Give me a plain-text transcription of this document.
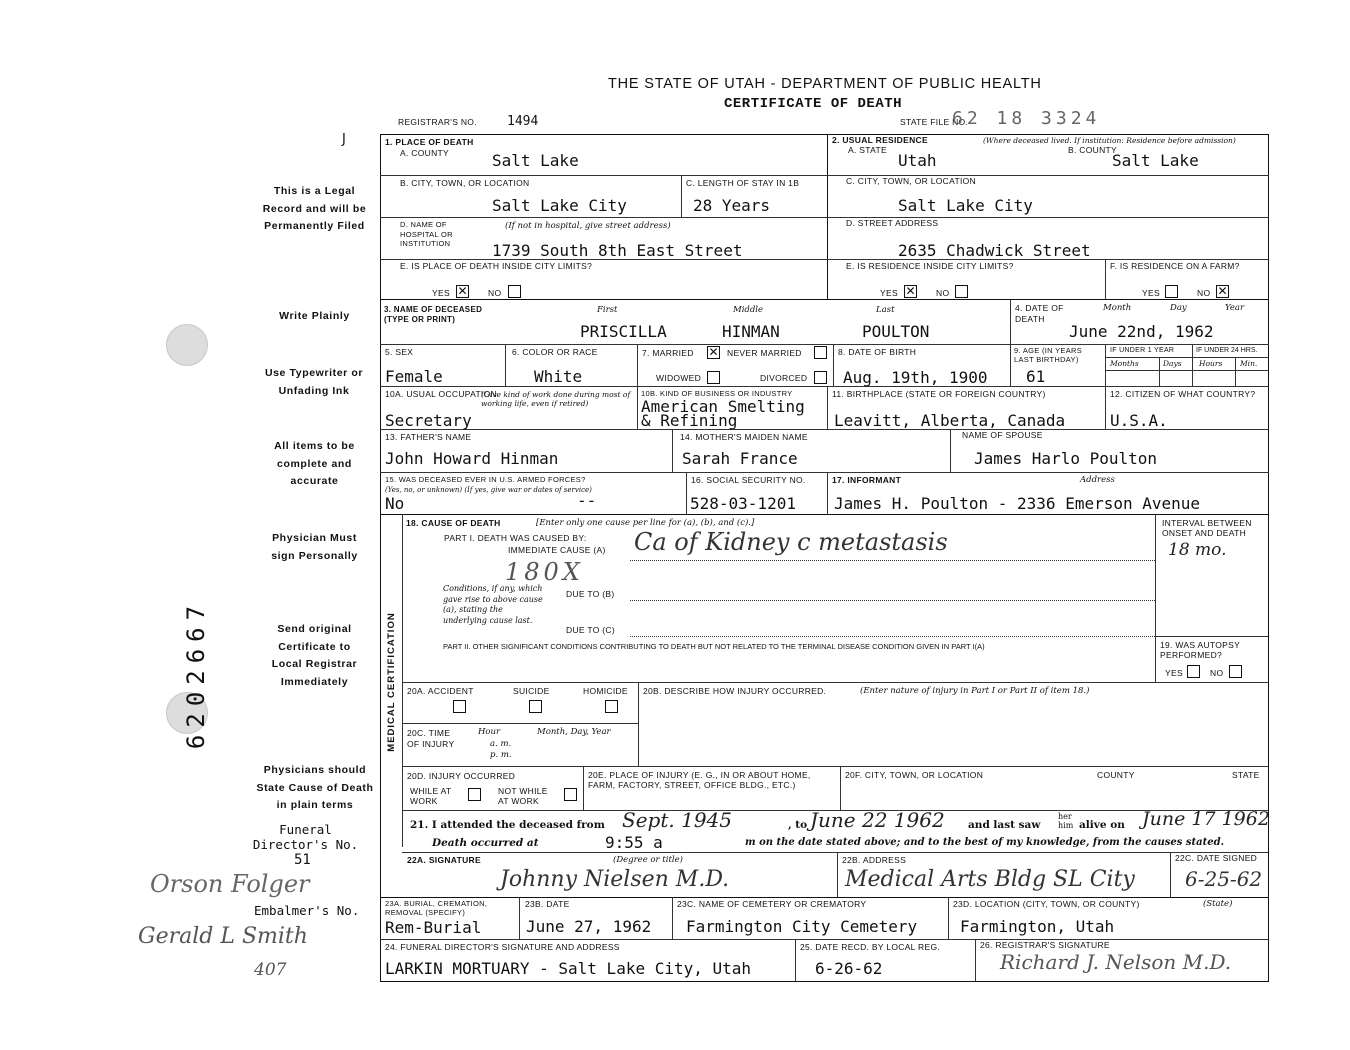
THE STATE OF UTAH - DEPARTMENT OF PUBLIC HEALTH
CERTIFICATE OF DEATH
REGISTRAR'S NO. 1494	STATE FILE NO.
62 18 3324
J
This is a Legal Record and will be Permanently Filed
Write Plainly
Use Typewriter or Unfading Ink
All items to be complete and accurate
Physician Must sign Personally
Send original Certificate to Local Registrar Immediately
Physicians should State Cause of Death in plain terms
Funeral Director's No.
51
Orson Folger
Embalmer's No.
Gerald L Smith
407
6202667
1. PLACE OF DEATH
A. COUNTY	Salt Lake
2. USUAL RESIDENCE	(Where deceased lived. If institution: Residence before admission)
A. STATE
Utah
B. COUNTY
Salt Lake
B. CITY, TOWN, OR LOCATION
Salt Lake City
C. LENGTH OF STAY IN 1B
28 Years
C. CITY, TOWN, OR LOCATION
Salt Lake City
D. NAME OF HOSPITAL OR INSTITUTION
(If not in hospital, give street address)
1739 South 8th East Street
D. STREET ADDRESS
2635 Chadwick Street
E. IS PLACE OF DEATH INSIDE CITY LIMITS?
YES ✕ NO
E. IS RESIDENCE INSIDE CITY LIMITS?
YES ✕ NO
F. IS RESIDENCE ON A FARM?
YES	NO ✕
3. NAME OF DECEASED (TYPE OR PRINT)
First	Middle	Last
PRISCILLA	HINMAN	POULTON
4. DATE OF DEATH
Month	Day	Year
June 22nd, 1962
5. SEX
Female
6. COLOR OR RACE
White
7. MARRIED ✕ NEVER MARRIED
WIDOWED	DIVORCED
8. DATE OF BIRTH
Aug. 19th, 1900
9. AGE (IN YEARS LAST BIRTHDAY)
61
IF UNDER 1 YEAR	IF UNDER 24 HRS.
Months	Days Hours Min.
10A. USUAL OCCUPATION
(Give kind of work done during most of working life, even if retired)
Secretary
10B. KIND OF BUSINESS OR INDUSTRY
American Smelting
& Refining
11. BIRTHPLACE (STATE OR FOREIGN COUNTRY)
Leavitt, Alberta, Canada
12. CITIZEN OF WHAT COUNTRY?
U.S.A.
13. FATHER'S NAME
John Howard Hinman
14. MOTHER'S MAIDEN NAME
Sarah France
NAME OF SPOUSE
James Harlo Poulton
15. WAS DECEASED EVER IN U.S. ARMED FORCES?
(Yes, no, or unknown) (If yes, give war or dates of service)
No	--
16. SOCIAL SECURITY NO.
528-03-1201
17. INFORMANT	Address
James H. Poulton - 2336 Emerson Avenue
MEDICAL CERTIFICATION
18. CAUSE OF DEATH	[Enter only one cause per line for (a), (b), and (c).]
PART I. DEATH WAS CAUSED BY:
IMMEDIATE CAUSE (A) Ca of Kidney c metastasis
180X
Conditions, if any, which gave rise to above cause (a), stating the underlying cause last.
DUE TO (B)
DUE TO (C)
INTERVAL BETWEEN ONSET AND DEATH
18 mo.
PART II. OTHER SIGNIFICANT CONDITIONS CONTRIBUTING TO DEATH BUT NOT RELATED TO THE TERMINAL DISEASE CONDITION GIVEN IN PART I(A)	19. WAS AUTOPSY PERFORMED?
YES	NO
20A. ACCIDENT	SUICIDE	HOMICIDE 20B. DESCRIBE HOW INJURY OCCURRED.	(Enter nature of injury in Part I or Part II of item 18.)
20C. TIME OF INJURY
Hour
a. m. p. m.
Month, Day, Year
20D. INJURY OCCURRED
WHILE AT WORK
NOT WHILE AT WORK
20E. PLACE OF INJURY (E. G., IN OR ABOUT HOME, FARM, FACTORY, STREET, OFFICE BLDG., ETC.)
20F. CITY, TOWN, OR LOCATION	COUNTY	STATE
21. I attended the deceased from Sept. 1945	, to June 22 1962 and last saw
her him alive on June 17 1962
Death occurred at	9:55 a	m on the date stated above; and to the best of my knowledge, from the causes stated.
22A. SIGNATURE	(Degree or title)
Johnny Nielsen M.D.
22B. ADDRESS
Medical Arts Bldg SL City
22C. DATE SIGNED
6-25-62
23A. BURIAL, CREMATION, REMOVAL (SPECIFY)
Rem-Burial
23B. DATE
June 27, 1962
23C. NAME OF CEMETERY OR CREMATORY
Farmington City Cemetery
23D. LOCATION (CITY, TOWN, OR COUNTY)	(State)
Farmington, Utah
24. FUNERAL DIRECTOR'S SIGNATURE AND ADDRESS
LARKIN MORTUARY - Salt Lake City, Utah
25. DATE RECD. BY LOCAL REG.
6-26-62
26. REGISTRAR'S SIGNATURE
Richard J. Nelson M.D.
